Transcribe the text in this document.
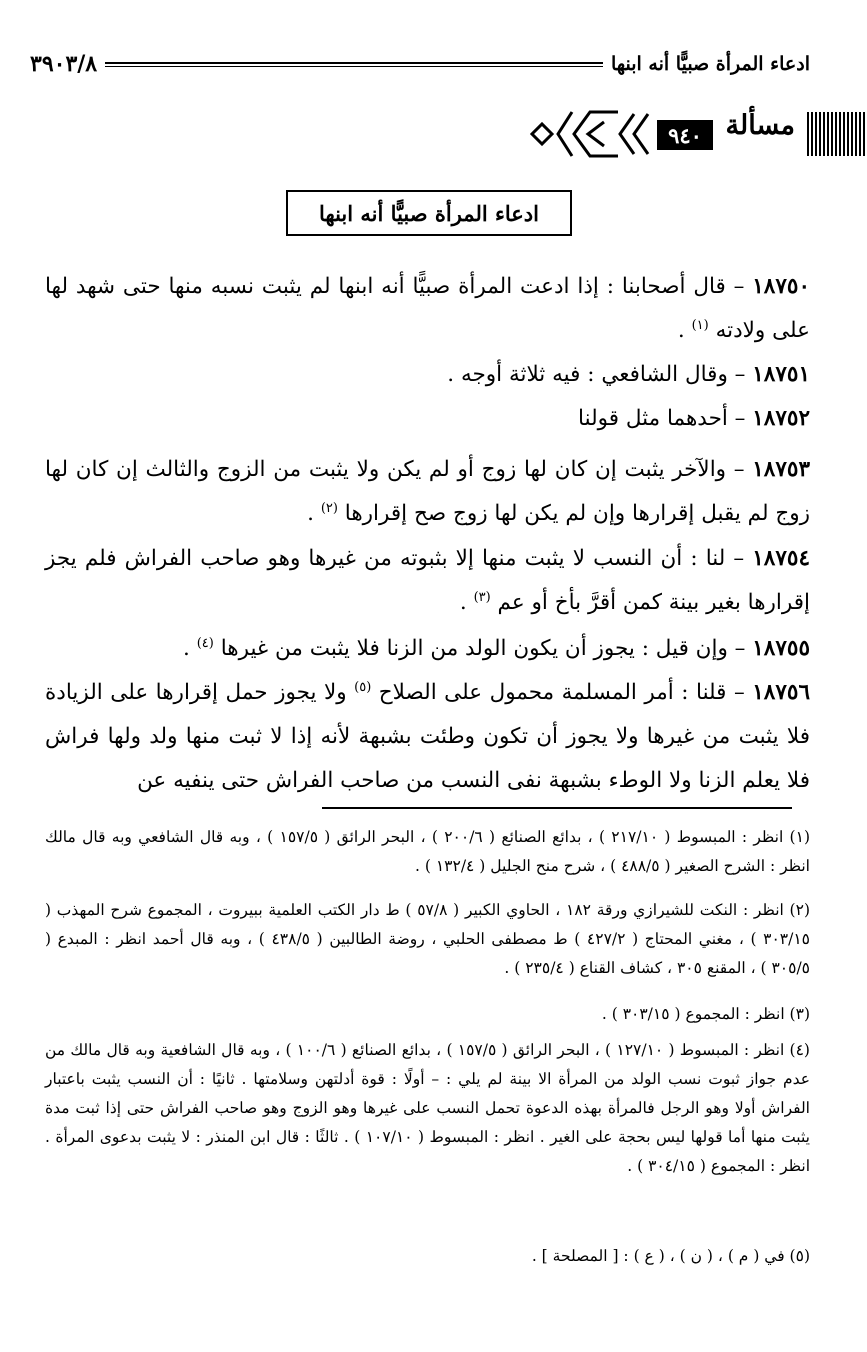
ادعاء المرأة صبيًّا أنه ابنها
٣٩٠٣/٨
مسألة
٩٤٠
ادعاء المرأة صبيًّا أنه ابنها
١٨٧٥٠ – قال أصحابنا : إذا ادعت المرأة صبيًّا أنه ابنها لم يثبت نسبه منها حتى شهد لها على ولادته $^{(١)}$ .
١٨٧٥١ – وقال الشافعي : فيه ثلاثة أوجه .
١٨٧٥٢ – أحدهما مثل قولنا
١٨٧٥٣ – والآخر يثبت إن كان لها زوج أو لم يكن ولا يثبت من الزوج والثالث إن كان لها زوج لم يقبل إقرارها وإن لم يكن لها زوج صح إقرارها $^{(٢)}$ .
١٨٧٥٤ – لنا : أن النسب لا يثبت منها إلا بثبوته من غيرها وهو صاحب الفراش فلم يجز إقرارها بغير بينة كمن أقرَّ بأخ أو عم $^{(٣)}$ .
١٨٧٥٥ – وإن قيل : يجوز أن يكون الولد من الزنا فلا يثبت من غيرها $^{(٤)}$ .
١٨٧٥٦ – قلنا : أمر المسلمة محمول على الصلاح $^{(٥)}$ ولا يجوز حمل إقرارها على الزيادة فلا يثبت من غيرها ولا يجوز أن تكون وطئت بشبهة لأنه إذا لا ثبت منها ولد ولها فراش فلا يعلم الزنا ولا الوطء بشبهة نفى النسب من صاحب الفراش حتى ينفيه عن
(١) انظر : المبسوط ( ٢١٧/١٠ ) ، بدائع الصنائع ( ٢٠٠/٦ ) ، البحر الرائق ( ١٥٧/٥ ) ، وبه قال الشافعي وبه قال مالك انظر : الشرح الصغير ( ٤٨٨/٥ ) ، شرح منح الجليل ( ١٣٢/٤ ) .
(٢) انظر : النكت للشيرازي ورقة ١٨٢ ، الحاوي الكبير ( ٥٧/٨ ) ط دار الكتب العلمية ببيروت ، المجموع شرح المهذب ( ٣٠٣/١٥ ) ، مغني المحتاج ( ٤٢٧/٢ ) ط مصطفى الحلبي ، روضة الطالبين ( ٤٣٨/٥ ) ، وبه قال أحمد انظر : المبدع ( ٣٠٥/٥ ) ، المقنع ٣٠٥ ، كشاف القناع ( ٢٣٥/٤ ) .
(٣) انظر : المجموع ( ٣٠٣/١٥ ) .
(٤) انظر : المبسوط ( ١٢٧/١٠ ) ، البحر الرائق ( ١٥٧/٥ ) ، بدائع الصنائع ( ١٠٠/٦ ) ، وبه قال الشافعية وبه قال مالك من عدم جواز ثبوت نسب الولد من المرأة الا بينة لم يلي : – أولًا : قوة أدلتهن وسلامتها . ثانيًا : أن النسب يثبت باعتبار الفراش أولا وهو الرجل فالمرأة بهذه الدعوة تحمل النسب على غيرها وهو الزوج وهو صاحب الفراش حتى إذا ثبت مدة يثبت منها أما قولها ليس بحجة على الغير . انظر : المبسوط ( ١٠٧/١٠ ) . ثالثًا : قال ابن المنذر : لا يثبت بدعوى المرأة . انظر : المجموع ( ٣٠٤/١٥ ) .
(٥) في ( م ) ، ( ن ) ، ( ع ) : [ المصلحة ] .
